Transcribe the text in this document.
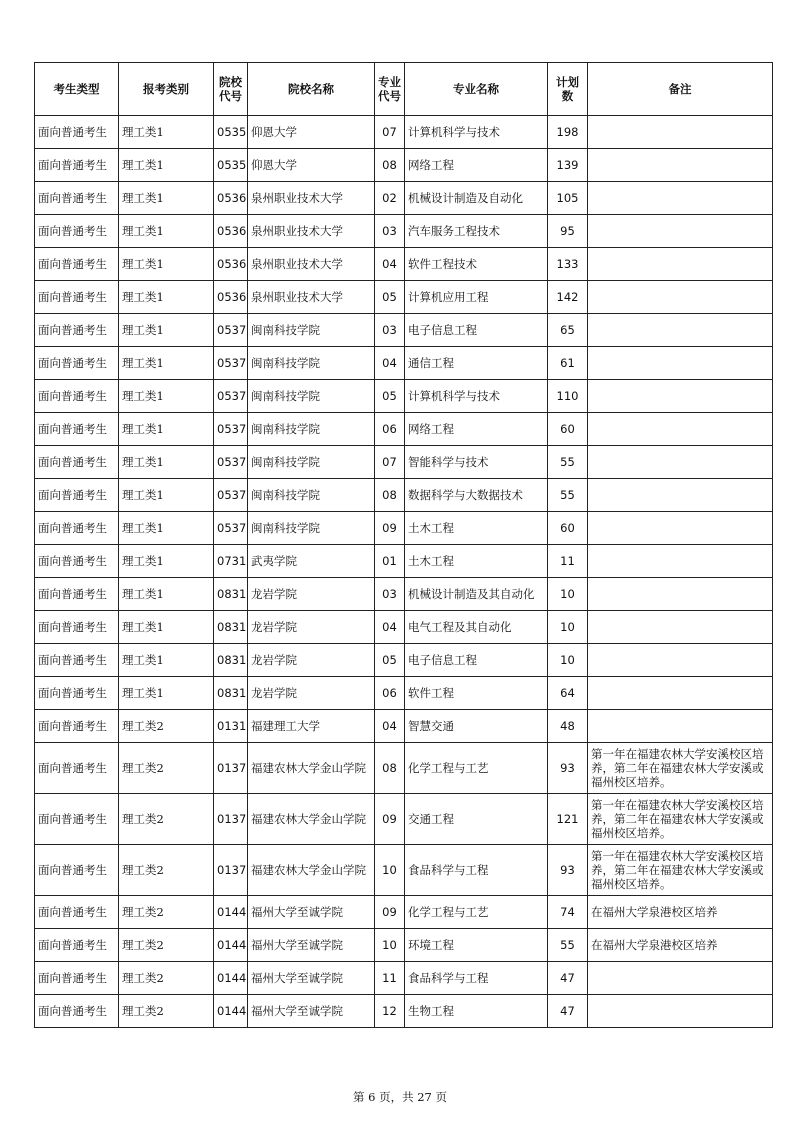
考生类型	报考类别	院校代号	院校名称	专业代号	专业名称	计划数	备注
面向普通考生	理工类1	0535	仰恩大学	07	计算机科学与技术	198	
面向普通考生	理工类1	0535	仰恩大学	08	网络工程	139	
面向普通考生	理工类1	0536	泉州职业技术大学	02	机械设计制造及自动化	105	
面向普通考生	理工类1	0536	泉州职业技术大学	03	汽车服务工程技术	95	
面向普通考生	理工类1	0536	泉州职业技术大学	04	软件工程技术	133	
面向普通考生	理工类1	0536	泉州职业技术大学	05	计算机应用工程	142	
面向普通考生	理工类1	0537	闽南科技学院	03	电子信息工程	65	
面向普通考生	理工类1	0537	闽南科技学院	04	通信工程	61	
面向普通考生	理工类1	0537	闽南科技学院	05	计算机科学与技术	110	
面向普通考生	理工类1	0537	闽南科技学院	06	网络工程	60	
面向普通考生	理工类1	0537	闽南科技学院	07	智能科学与技术	55	
面向普通考生	理工类1	0537	闽南科技学院	08	数据科学与大数据技术	55	
面向普通考生	理工类1	0537	闽南科技学院	09	土木工程	60	
面向普通考生	理工类1	0731	武夷学院	01	土木工程	11	
面向普通考生	理工类1	0831	龙岩学院	03	机械设计制造及其自动化	10	
面向普通考生	理工类1	0831	龙岩学院	04	电气工程及其自动化	10	
面向普通考生	理工类1	0831	龙岩学院	05	电子信息工程	10	
面向普通考生	理工类1	0831	龙岩学院	06	软件工程	64	
面向普通考生	理工类2	0131	福建理工大学	04	智慧交通	48	
面向普通考生	理工类2	0137	福建农林大学金山学院	08	化学工程与工艺	93	第一年在福建农林大学安溪校区培养，第二年在福建农林大学安溪或福州校区培养。
面向普通考生	理工类2	0137	福建农林大学金山学院	09	交通工程	121	第一年在福建农林大学安溪校区培养，第二年在福建农林大学安溪或福州校区培养。
面向普通考生	理工类2	0137	福建农林大学金山学院	10	食品科学与工程	93	第一年在福建农林大学安溪校区培养，第二年在福建农林大学安溪或福州校区培养。
面向普通考生	理工类2	0144	福州大学至诚学院	09	化学工程与工艺	74	在福州大学泉港校区培养
面向普通考生	理工类2	0144	福州大学至诚学院	10	环境工程	55	在福州大学泉港校区培养
面向普通考生	理工类2	0144	福州大学至诚学院	11	食品科学与工程	47	
面向普通考生	理工类2	0144	福州大学至诚学院	12	生物工程	47	
第 6 页，共 27 页
